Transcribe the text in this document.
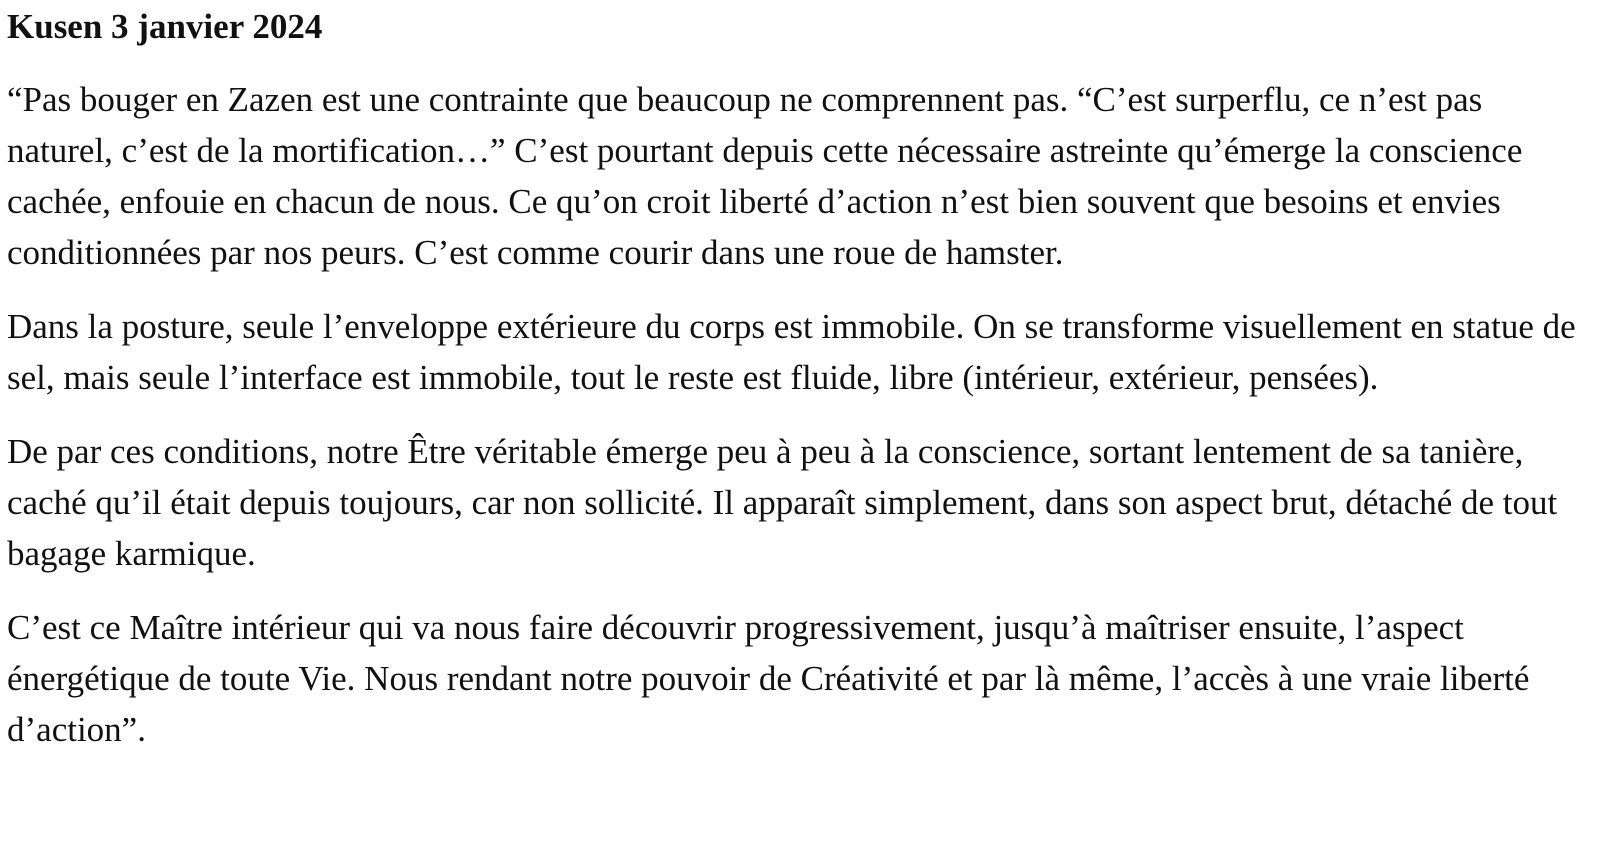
Kusen 3 janvier 2024

“Pas bouger en Zazen est une contrainte que beaucoup ne comprennent pas. “C’est surperflu, ce n’est pas naturel, c’est de la mortification…” C’est pourtant depuis cette nécessaire astreinte qu’émerge la conscience cachée, enfouie en chacun de nous. Ce qu’on croit liberté d’action n’est bien souvent que besoins et envies conditionnées par nos peurs. C’est comme courir dans une roue de hamster.

Dans la posture, seule l’enveloppe extérieure du corps est immobile. On se transforme visuellement en statue de sel, mais seule l’interface est immobile, tout le reste est fluide, libre (intérieur, extérieur, pensées).

De par ces conditions, notre Être véritable émerge peu à peu à la conscience, sortant lentement de sa tanière, caché qu’il était depuis toujours, car non sollicité. Il apparaît simplement, dans son aspect brut, détaché de tout bagage karmique.

C’est ce Maître intérieur qui va nous faire découvrir progressivement, jusqu’à maîtriser ensuite, l’aspect énergétique de toute Vie. Nous rendant notre pouvoir de Créativité et par là même, l’accès à une vraie liberté d’action”.
